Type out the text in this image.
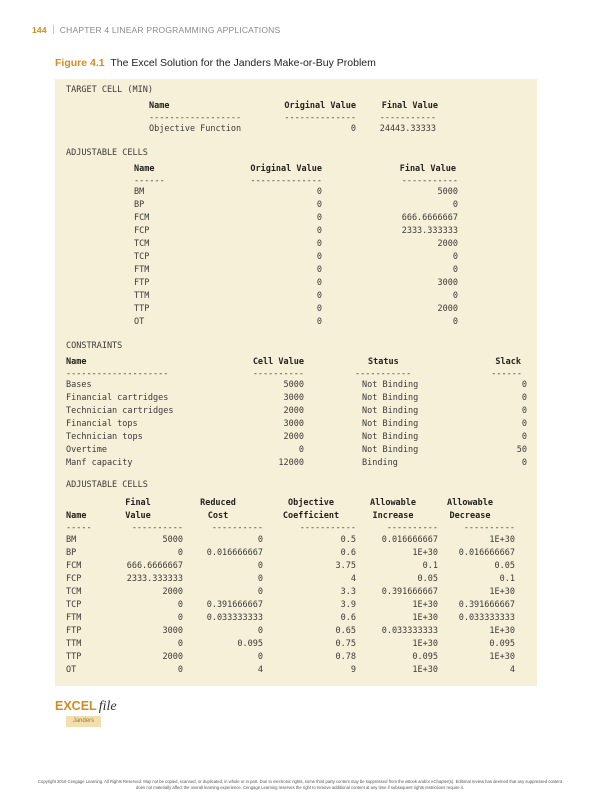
144 CHAPTER 4 LINEAR PROGRAMMING APPLICATIONS
Figure 4.1 The Excel Solution for the Janders Make-or-Buy Problem
TARGET CELL (MIN)
Name	Original Value	Final Value
------------------	--------------	-----------
Objective Function	0	24443.33333
ADJUSTABLE CELLS
Name	Original Value	Final Value
------	--------------	-----------
BM	0	5000
BP	0	0
FCM	0	666.6666667
FCP	0	2333.333333
TCM	0	2000
TCP	0	0
FTM	0	0
FTP	0	3000
TTM	0	0
TTP	0	2000
OT	0	0
CONSTRAINTS
Name	Cell Value	Status	Slack
--------------------	----------	-----------	------
Bases	5000	Not Binding	0
Financial cartridges	3000	Not Binding	0
Technician cartridges	2000	Not Binding	0
Financial tops	3000	Not Binding	0
Technician tops	2000	Not Binding	0
Overtime	0	Not Binding	50
Manf capacity	12000	Binding	0
ADJUSTABLE CELLS
Final	Reduced	Objective	Allowable	Allowable
Name	Value	Cost	Coefficient	Increase	Decrease
-----	----------	----------	-----------	----------	----------
BM	5000	0	0.5	0.016666667	1E+30
BP	0	0.016666667	0.6	1E+30	0.016666667
FCM	666.6666667	0	3.75	0.1	0.05
FCP	2333.333333	0	4	0.05	0.1
TCM	2000	0	3.3	0.391666667	1E+30
TCP	0	0.391666667	3.9	1E+30	0.391666667
FTM	0	0.033333333	0.6	1E+30	0.033333333
FTP	3000	0	0.65	0.033333333	1E+30
TTM	0	0.095	0.75	1E+30	0.095
TTP	2000	0	0.78	0.095	1E+30
OT	0	4	9	1E+30	4
EXCEL file
Janders
Copyright 2016 Cengage Learning. All Rights Reserved. May not be copied, scanned, or duplicated, in whole or in part. Due to electronic rights, some third party content may be suppressed from the eBook and/or eChapter(s). Editorial review has deemed that any suppressed content does not materially affect the overall learning experience. Cengage Learning reserves the right to remove additional content at any time if subsequent rights restrictions require it.
